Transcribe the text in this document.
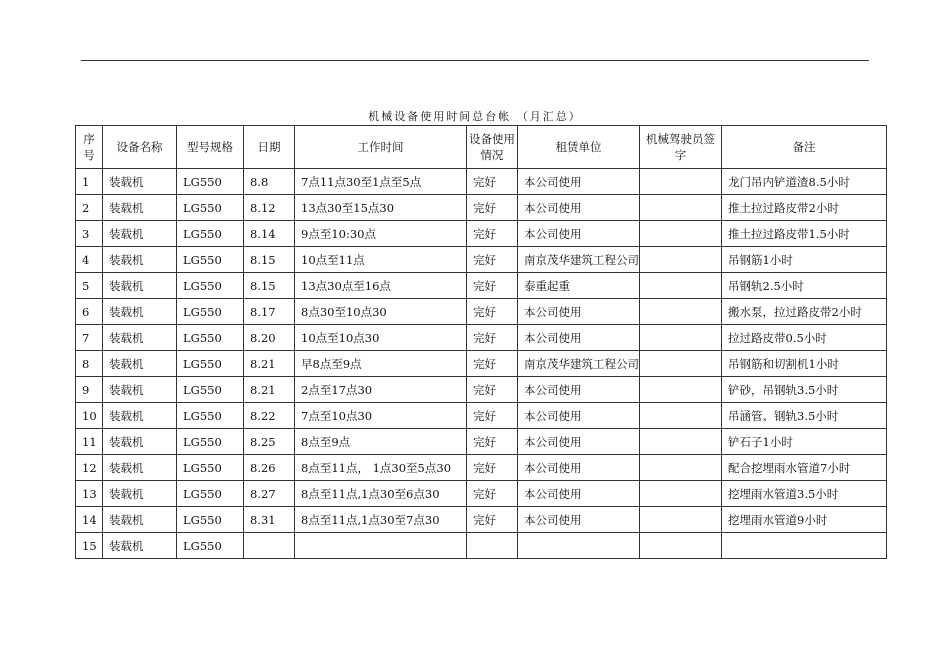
机械设备使用时间总台帐 （月汇总）
序号	设备名称	型号规格	日期	工作时间	设备使用情况	租赁单位	机械驾驶员签字	备注
1	装载机	LG550	8.8	7点11点30至1点至5点	完好	本公司使用		龙门吊内铲道渣8.5小时
2	装载机	LG550	8.12	13点30至15点30	完好	本公司使用		推土拉过路皮带2小时
3	装载机	LG550	8.14	9点至10:30点	完好	本公司使用		推土拉过路皮带1.5小时
4	装载机	LG550	8.15	10点至11点	完好	南京茂华建筑工程公司		吊钢筋1小时
5	装载机	LG550	8.15	13点30点至16点	完好	泰重起重		吊钢轨2.5小时
6	装载机	LG550	8.17	8点30至10点30	完好	本公司使用		搬水泵，拉过路皮带2小时
7	装载机	LG550	8.20	10点至10点30	完好	本公司使用		拉过路皮带0.5小时
8	装载机	LG550	8.21	早8点至9点	完好	南京茂华建筑工程公司		吊钢筋和切割机1小时
9	装载机	LG550	8.21	2点至17点30	完好	本公司使用		铲砂，吊钢轨3.5小时
10	装载机	LG550	8.22	7点至10点30	完好	本公司使用		吊涵管、钢轨3.5小时
11	装载机	LG550	8.25	8点至9点	完好	本公司使用		铲石子1小时
12	装载机	LG550	8.26	8点至11点， 1点30至5点30	完好	本公司使用		配合挖埋雨水管道7小时
13	装载机	LG550	8.27	8点至11点,1点30至6点30	完好	本公司使用		挖埋雨水管道3.5小时
14	装载机	LG550	8.31	8点至11点,1点30至7点30	完好	本公司使用		挖埋雨水管道9小时
15	装载机	LG550						
